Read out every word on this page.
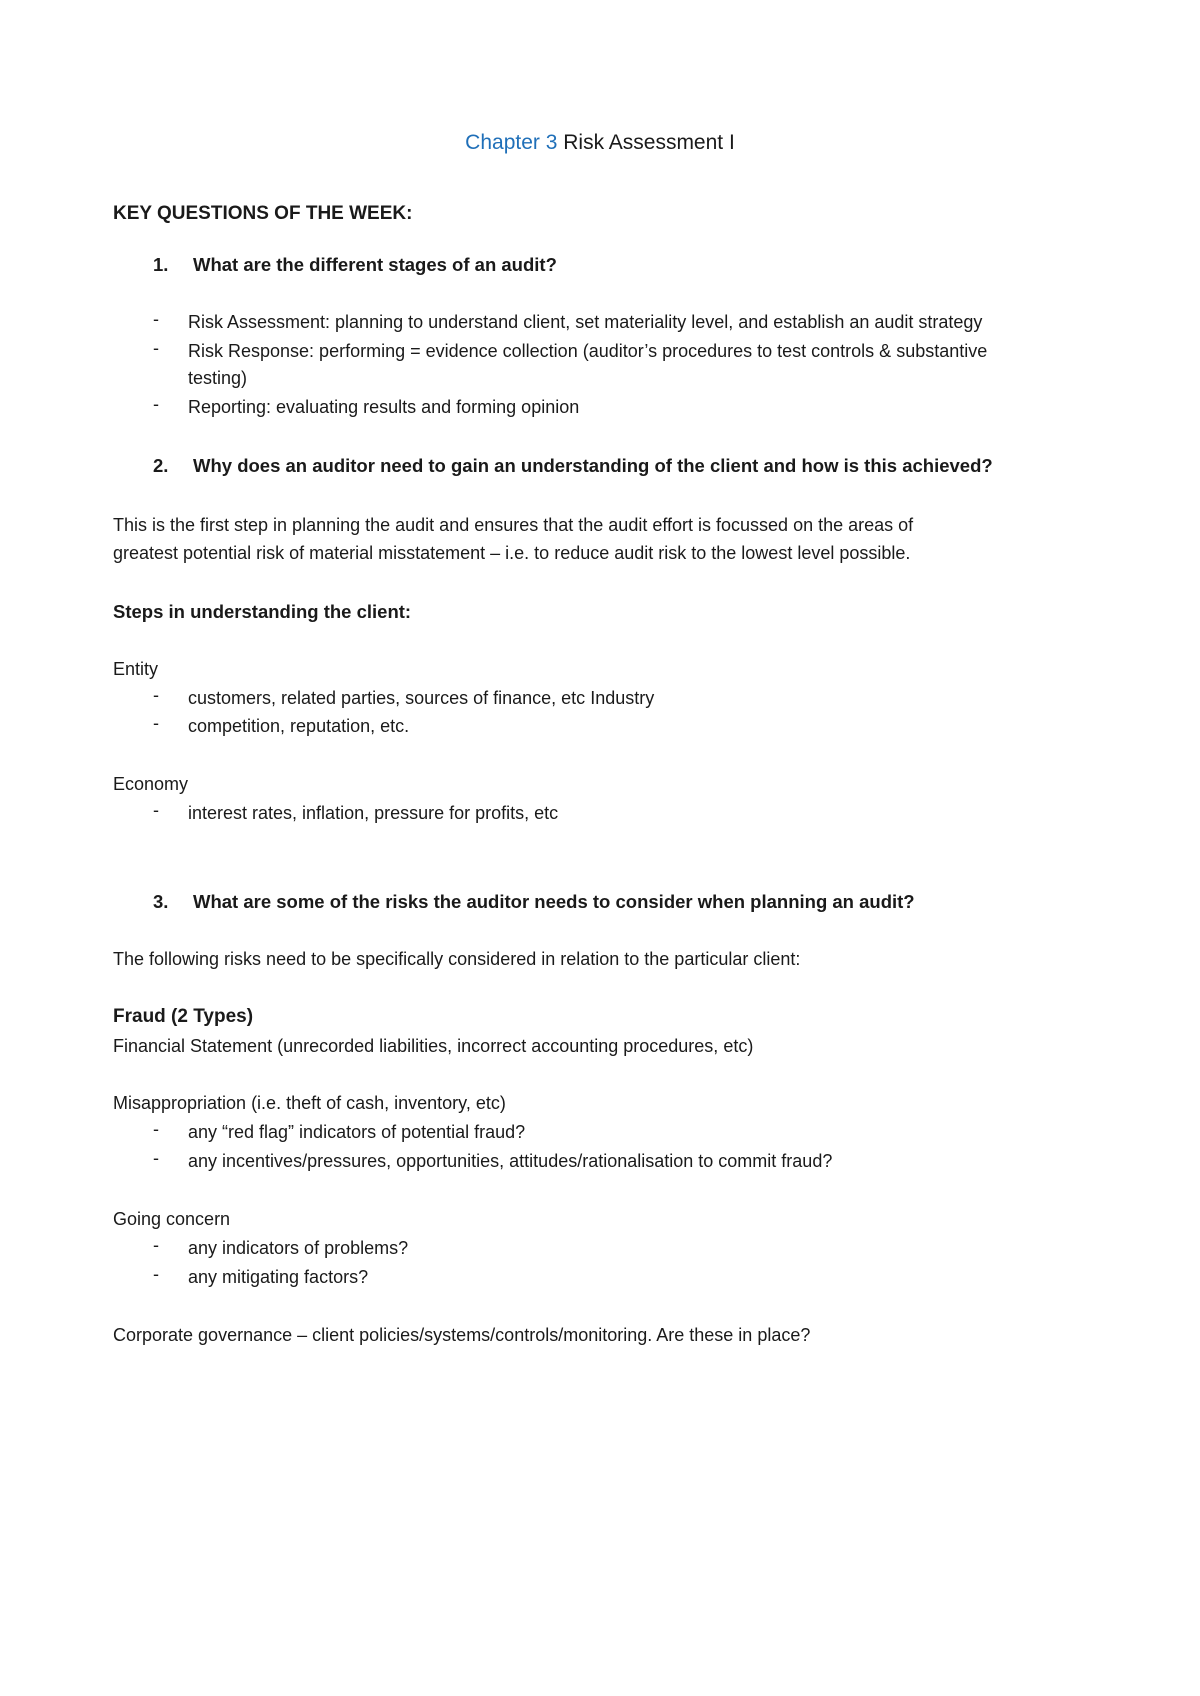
Chapter 3 Risk Assessment I
KEY QUESTIONS OF THE WEEK:
1. What are the different stages of an audit?
- Risk Assessment: planning to understand client, set materiality level, and establish an audit strategy
- Risk Response: performing = evidence collection (auditor’s procedures to test controls & substantive
testing)
- Reporting: evaluating results and forming opinion
2. Why does an auditor need to gain an understanding of the client and how is this achieved?
This is the first step in planning the audit and ensures that the audit effort is focussed on the areas of
greatest potential risk of material misstatement – i.e. to reduce audit risk to the lowest level possible.
Steps in understanding the client:
Entity
- customers, related parties, sources of finance, etc Industry
- competition, reputation, etc.
Economy
- interest rates, inflation, pressure for profits, etc
3. What are some of the risks the auditor needs to consider when planning an audit?
The following risks need to be specifically considered in relation to the particular client:
Fraud (2 Types)
Financial Statement (unrecorded liabilities, incorrect accounting procedures, etc)
Misappropriation (i.e. theft of cash, inventory, etc)
- any “red flag” indicators of potential fraud?
- any incentives/pressures, opportunities, attitudes/rationalisation to commit fraud?
Going concern
- any indicators of problems?
- any mitigating factors?
Corporate governance – client policies/systems/controls/monitoring. Are these in place?
